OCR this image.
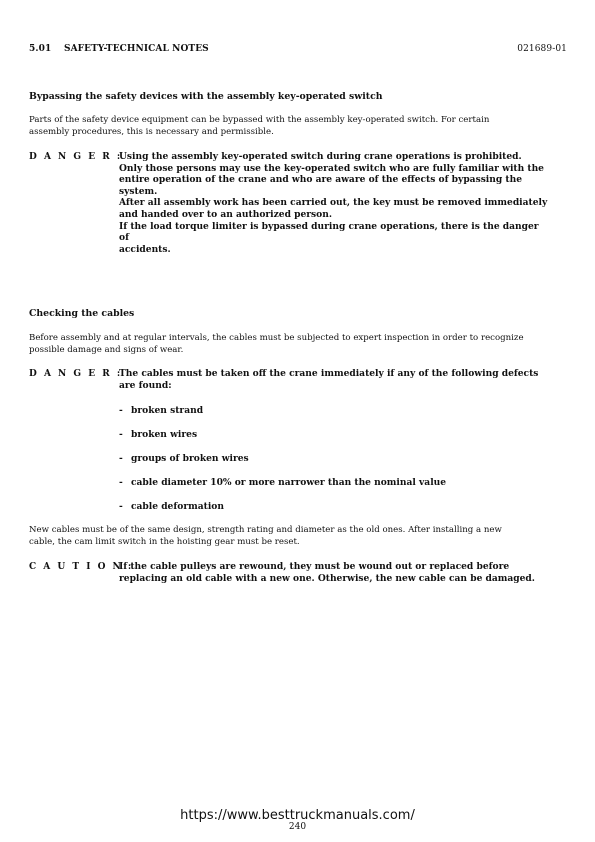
5.01 SAFETY-TECHNICAL NOTES	021689-01
Bypassing the safety devices with the assembly key-operated switch
Parts of the safety device equipment can be bypassed with the assembly key-operated switch. For certain
assembly procedures, this is necessary and permissible.
D A N G E R :
Using the assembly key-operated switch during crane operations is prohibited.
Only those persons may use the key-operated switch who are fully familiar with the
entire operation of the crane and who are aware of the effects of bypassing the
system.
After all assembly work has been carried out, the key must be removed immediately
and handed over to an authorized person.
If the load torque limiter is bypassed during crane operations, there is the danger of
accidents.
Checking the cables
Before assembly and at regular intervals, the cables must be subjected to expert inspection in order to recognize
possible damage and signs of wear.
D A N G E R :
The cables must be taken off the crane immediately if any of the following defects
are found:
- broken strand
- broken wires
- groups of broken wires
- cable diameter 10% or more narrower than the nominal value
- cable deformation
New cables must be of the same design, strength rating and diameter as the old ones. After installing a new
cable, the cam limit switch in the hoisting gear must be reset.
C A U T I O N :
If the cable pulleys are rewound, they must be wound out or replaced before
replacing an old cable with a new one. Otherwise, the new cable can be damaged.
https://www.besttruckmanuals.com/
240
